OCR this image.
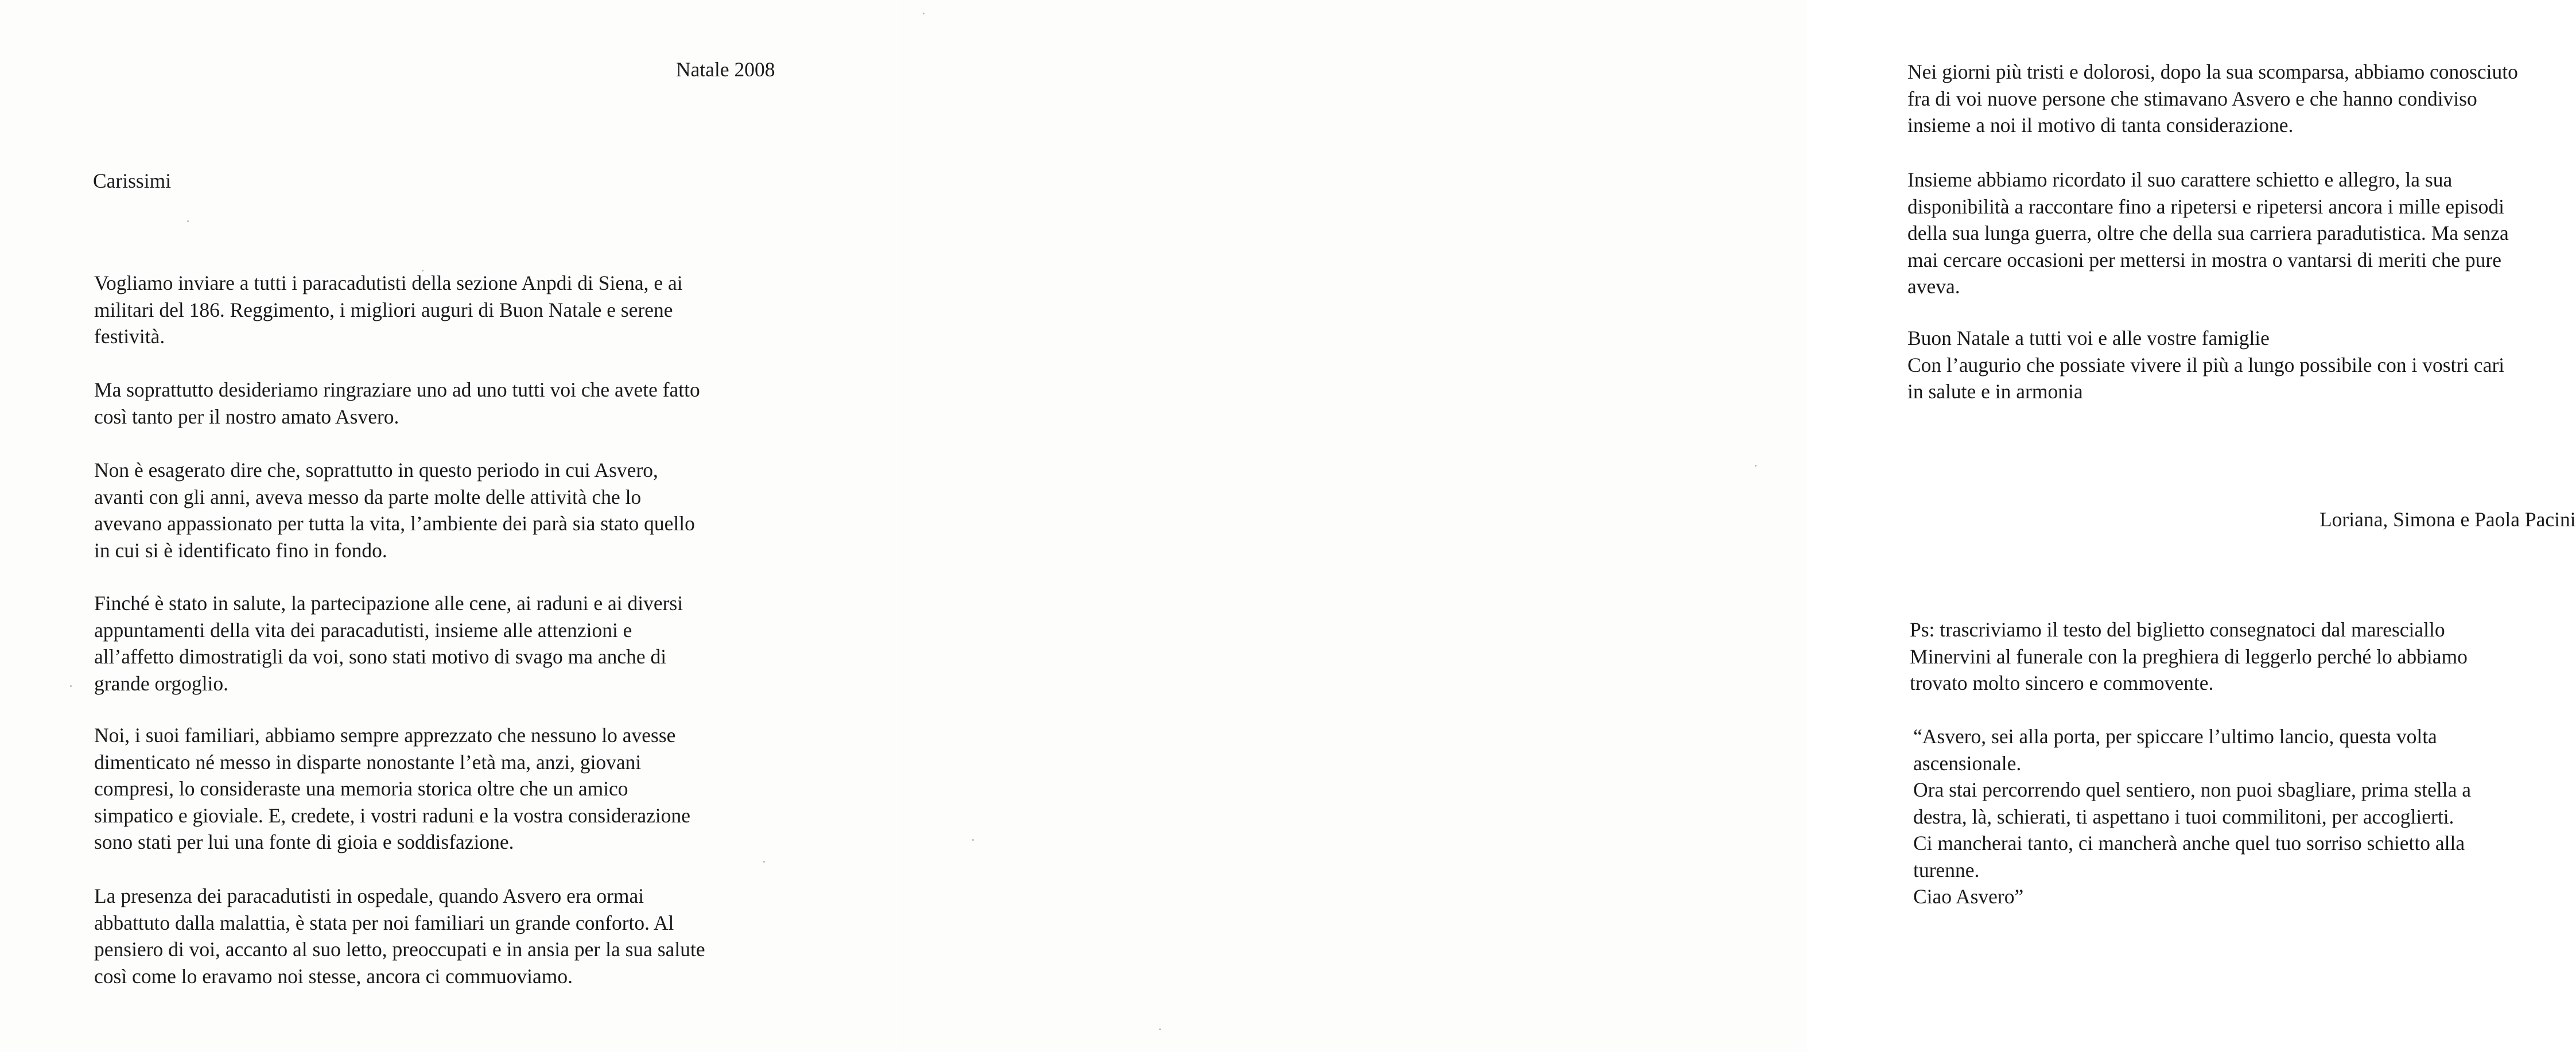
Natale 2008

Carissimi

Vogliamo inviare a tutti i paracadutisti della sezione Anpdi di Siena, e ai
militari del 186. Reggimento, i migliori auguri di Buon Natale e serene
festività.

Ma soprattutto desideriamo ringraziare uno ad uno tutti voi che avete fatto
così tanto per il nostro amato Asvero.

Non è esagerato dire che, soprattutto in questo periodo in cui Asvero,
avanti con gli anni, aveva messo da parte molte delle attività che lo
avevano appassionato per tutta la vita, l’ambiente dei parà sia stato quello
in cui si è identificato fino in fondo.

Finché è stato in salute, la partecipazione alle cene, ai raduni e ai diversi
appuntamenti della vita dei paracadutisti, insieme alle attenzioni e
all’affetto dimostratigli da voi, sono stati motivo di svago ma anche di
grande orgoglio.

Noi, i suoi familiari, abbiamo sempre apprezzato che nessuno lo avesse
dimenticato né messo in disparte nonostante l’età ma, anzi, giovani
compresi, lo consideraste una memoria storica oltre che un amico
simpatico e gioviale. E, credete, i vostri raduni e la vostra considerazione
sono stati per lui una fonte di gioia e soddisfazione.

La presenza dei paracadutisti in ospedale, quando Asvero era ormai
abbattuto dalla malattia, è stata per noi familiari un grande conforto. Al
pensiero di voi, accanto al suo letto, preoccupati e in ansia per la sua salute
così come lo eravamo noi stesse, ancora ci commuoviamo.

Nei giorni più tristi e dolorosi, dopo la sua scomparsa, abbiamo conosciuto
fra di voi nuove persone che stimavano Asvero e che hanno condiviso
insieme a noi il motivo di tanta considerazione.

Insieme abbiamo ricordato il suo carattere schietto e allegro, la sua
disponibilità a raccontare fino a ripetersi e ripetersi ancora i mille episodi
della sua lunga guerra, oltre che della sua carriera paradutistica. Ma senza
mai cercare occasioni per mettersi in mostra o vantarsi di meriti che pure
aveva.

Buon Natale a tutti voi e alle vostre famiglie
Con l’augurio che possiate vivere il più a lungo possibile con i vostri cari
in salute e in armonia

Loriana, Simona e Paola Pacini

Ps: trascriviamo il testo del biglietto consegnatoci dal maresciallo
Minervini al funerale con la preghiera di leggerlo perché lo abbiamo
trovato molto sincero e commovente.

“Asvero, sei alla porta, per spiccare l’ultimo lancio, questa volta
ascensionale.
Ora stai percorrendo quel sentiero, non puoi sbagliare, prima stella a
destra, là, schierati, ti aspettano i tuoi commilitoni, per accoglierti.
Ci mancherai tanto, ci mancherà anche quel tuo sorriso schietto alla
turenne.
Ciao Asvero”
